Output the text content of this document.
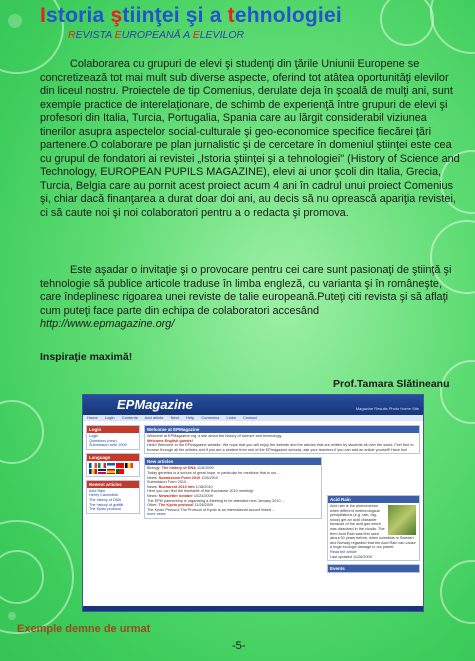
Istoria ştiinţei şi a tehnologiei
REVISTA EUROPEANĂ A ELEVILOR
Colaborarea cu grupuri de elevi şi studenţi din ţările Uniunii Europene se concretizează tot mai mult sub diverse aspecte, oferind tot atâtea oportunităţi elevilor din liceul nostru. Proiectele de tip Comenius, derulate deja în şcoală de mulţi ani, sunt exemple practice de interelaţionare, de schimb de experienţă între grupuri de elevi şi profesori din Italia, Turcia, Portugalia, Spania care au lărgit considerabil viziunea tinerilor asupra aspectelor social-culturale şi geo-economice specifice fiecărei ţări partenere.O colaborare pe plan jurnalistic şi de cercetare în domeniul ştiinţei este cea cu grupul de fondatori ai revistei „Istoria ştiinţei şi a tehnologiei" (History of Science and Technology, EUROPEAN PUPILS MAGAZINE), elevi ai unor şcoli din Italia, Grecia, Turcia, Belgia care au pornit acest proiect acum 4 ani în cadrul unui proiect Comenius şi, chiar dacă finanţarea a durat doar doi ani, au decis să nu oprească apariţia revistei, ci să caute noi şi noi colaboratori pentru a o redacta şi promova.
Este aşadar o invitaţie şi o provocare pentru cei care sunt pasionaţi de ştiinţă şi tehnologie să publice articole traduse în limba engleză, cu varianta şi în româneşte, care îndeplinesc rigoarea unei reviste de talie europeană.Puteţi citi revista şi să aflaţi cum puteţi face parte din echipa de colaboratori accesând
http://www.epmagazine.org/
Inspiraţie maximă!
Prof.Tamara Slătineanu
EPMagazine	Magazine Results Photo Home Site
Home Login Contents Add article Next Help Comenius Links Contact
Login
Login
Questions (new)
Submission form 2009
Language
Newest articles
Acid Rain
Henry Cavendish
The history of DNA
The history of graffiti
The Kyoto protocol
Welcome at EPMagazine
Welcome at EPMagazine.org, a site about the history of science and technology.
Welcome English guests!
Hello! Welcome to the EPmagazine website. We hope that you will enjoy the website and the articles that are written by students all over the world. Feel free to browse through all the articles and if you are a student from one of the EPmagazine schools, ask your teachers if you can add an article yourself! Have fun!
New articles
Biology: The history of DNA 11/6/2009
Today genetics is a source of great hope, in particular for medicine that is our ...
News: Submission Form 2010 1/26/2010
Submission Form 2010...
News: Bucharest 2010 info 1/18/2010
Here you can find the timetable of the Bucharest 2010 meeting!
News: Newsletter october 10/24/2009
The EPM partnership is organising a Meeting to be attended next January 2010 ...
Other: The Kyoto protocol 11/26/2009
The Kyoto Protocol The Protocol of Kyoto is an international accord linked ...
more news
Acid Rain
Acid rain is the phenomenon when different meteorological precipitations (e.g. rain, fog, snow) get an acid character because of the acid gas which was dissolved in the clouds. The term Acid Rain was first used about 50 years before, when scientists in Sweden and Norway regarded that the Acid Rain can cause a huge ecologic damage in our planet.
Read the article
Last updated 11/26/2009
Events
Exemple demne de urmat
-5-
